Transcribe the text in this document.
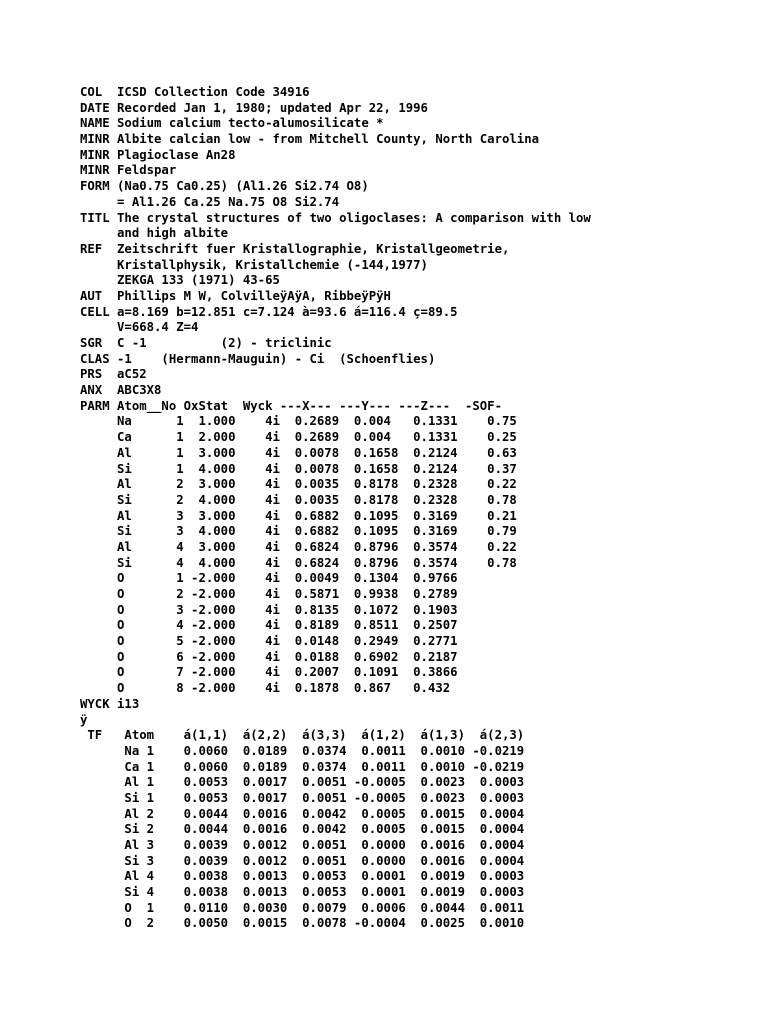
COL  ICSD Collection Code 34916
DATE Recorded Jan 1, 1980; updated Apr 22, 1996
NAME Sodium calcium tecto-alumosilicate *
MINR Albite calcian low - from Mitchell County, North Carolina
MINR Plagioclase An28
MINR Feldspar
FORM (Na0.75 Ca0.25) (Al1.26 Si2.74 O8)
= Al1.26 Ca.25 Na.75 O8 Si2.74
TITL The crystal structures of two oligoclases: A comparison with low
and high albite
REF  Zeitschrift fuer Kristallographie, Kristallgeometrie,
Kristallphysik, Kristallchemie (-144,1977)
ZEKGA 133 (1971) 43-65
AUT  Phillips M W, ColvilleÿAÿA, RibbeÿPÿH
CELL a=8.169 b=12.851 c=7.124 à=93.6 á=116.4 ç=89.5
V=668.4 Z=4
SGR  C -1          (2) - triclinic
CLAS -1    (Hermann-Mauguin) - Ci  (Schoenflies)
PRS  aC52
ANX  ABC3X8
PARM Atom__No OxStat  Wyck ---X--- ---Y--- ---Z---  -SOF-
Na      1  1.000    4i  0.2689  0.004   0.1331    0.75
Ca      1  2.000    4i  0.2689  0.004   0.1331    0.25
Al      1  3.000    4i  0.0078  0.1658  0.2124    0.63
Si      1  4.000    4i  0.0078  0.1658  0.2124    0.37
Al      2  3.000    4i  0.0035  0.8178  0.2328    0.22
Si      2  4.000    4i  0.0035  0.8178  0.2328    0.78
Al      3  3.000    4i  0.6882  0.1095  0.3169    0.21
Si      3  4.000    4i  0.6882  0.1095  0.3169    0.79
Al      4  3.000    4i  0.6824  0.8796  0.3574    0.22
Si      4  4.000    4i  0.6824  0.8796  0.3574    0.78
O       1 -2.000    4i  0.0049  0.1304  0.9766
O       2 -2.000    4i  0.5871  0.9938  0.2789
O       3 -2.000    4i  0.8135  0.1072  0.1903
O       4 -2.000    4i  0.8189  0.8511  0.2507
O       5 -2.000    4i  0.0148  0.2949  0.2771
O       6 -2.000    4i  0.0188  0.6902  0.2187
O       7 -2.000    4i  0.2007  0.1091  0.3866
O       8 -2.000    4i  0.1878  0.867   0.432
WYCK i13
ÿ
TF   Atom    á(1,1)  á(2,2)  á(3,3)  á(1,2)  á(1,3)  á(2,3)
Na 1    0.0060  0.0189  0.0374  0.0011  0.0010 -0.0219
Ca 1    0.0060  0.0189  0.0374  0.0011  0.0010 -0.0219
Al 1    0.0053  0.0017  0.0051 -0.0005  0.0023  0.0003
Si 1    0.0053  0.0017  0.0051 -0.0005  0.0023  0.0003
Al 2    0.0044  0.0016  0.0042  0.0005  0.0015  0.0004
Si 2    0.0044  0.0016  0.0042  0.0005  0.0015  0.0004
Al 3    0.0039  0.0012  0.0051  0.0000  0.0016  0.0004
Si 3    0.0039  0.0012  0.0051  0.0000  0.0016  0.0004
Al 4    0.0038  0.0013  0.0053  0.0001  0.0019  0.0003
Si 4    0.0038  0.0013  0.0053  0.0001  0.0019  0.0003
O  1    0.0110  0.0030  0.0079  0.0006  0.0044  0.0011
O  2    0.0050  0.0015  0.0078 -0.0004  0.0025  0.0010
